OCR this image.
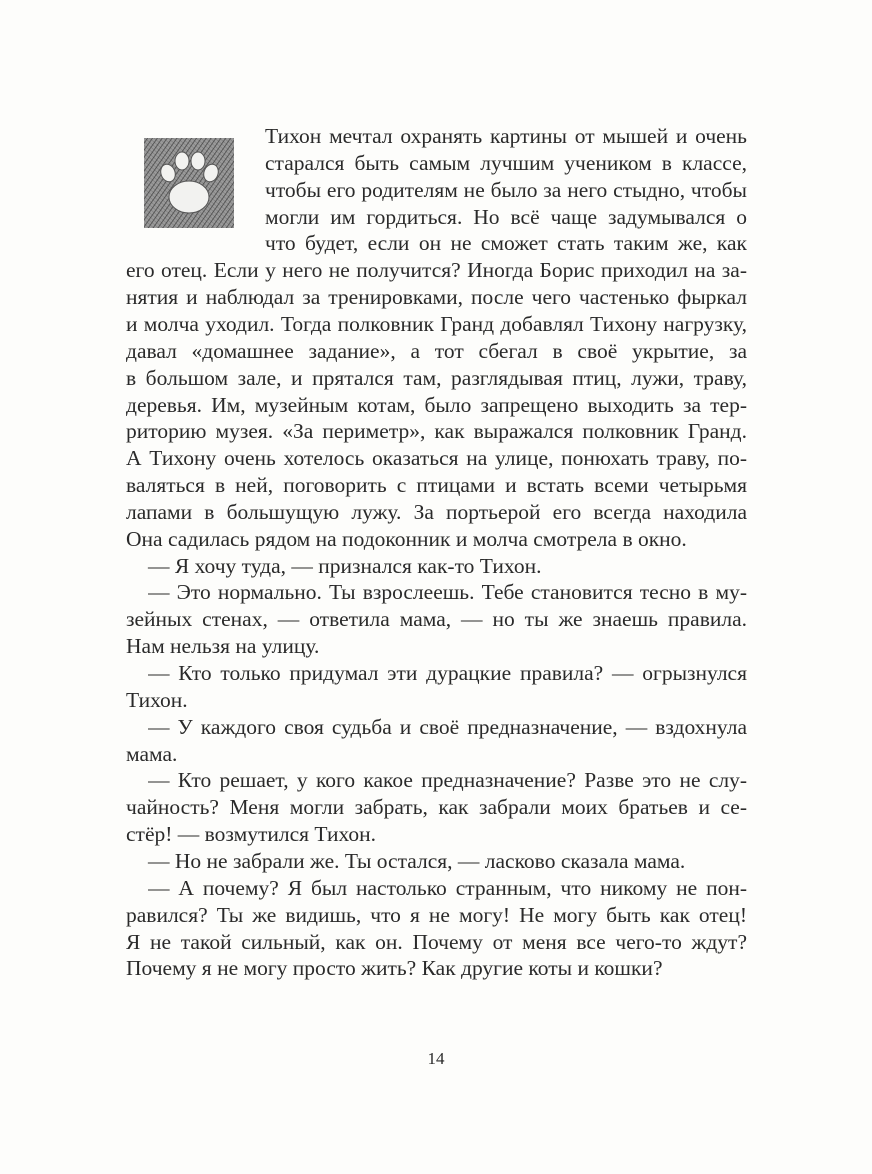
Тихон мечтал охранять картины от мышей и очень
старался быть самым лучшим учеником в классе,
чтобы его родителям не было за него стыдно, чтобы
могли им гордиться. Но всё чаще задумывался о
что будет, если он не сможет стать таким же, как
его отец. Если у него не получится? Иногда Борис приходил на за-
нятия и наблюдал за тренировками, после чего частенько фыркал
и молча уходил. Тогда полковник Гранд добавлял Тихону нагрузку,
давал «домашнее задание», а тот сбегал в своё укрытие, за
в большом зале, и прятался там, разглядывая птиц, лужи, траву,
деревья. Им, музейным котам, было запрещено выходить за тер-
риторию музея. «За периметр», как выражался полковник Гранд.
А Тихону очень хотелось оказаться на улице, понюхать траву, по-
валяться в ней, поговорить с птицами и встать всеми четырьмя
лапами в большущую лужу. За портьерой его всегда находила
Она садилась рядом на подоконник и молча смотрела в окно.
— Я хочу туда, — признался как-то Тихон.
— Это нормально. Ты взрослеешь. Тебе становится тесно в му-
зейных стенах, — ответила мама, — но ты же знаешь правила.
Нам нельзя на улицу.
— Кто только придумал эти дурацкие правила? — огрызнулся
Тихон.
— У каждого своя судьба и своё предназначение, — вздохнула
мама.
— Кто решает, у кого какое предназначение? Разве это не слу-
чайность? Меня могли забрать, как забрали моих братьев и се-
стёр! — возмутился Тихон.
— Но не забрали же. Ты остался, — ласково сказала мама.
— А почему? Я был настолько странным, что никому не пон-
равился? Ты же видишь, что я не могу! Не могу быть как отец!
Я не такой сильный, как он. Почему от меня все чего-то ждут?
Почему я не могу просто жить? Как другие коты и кошки?
14
